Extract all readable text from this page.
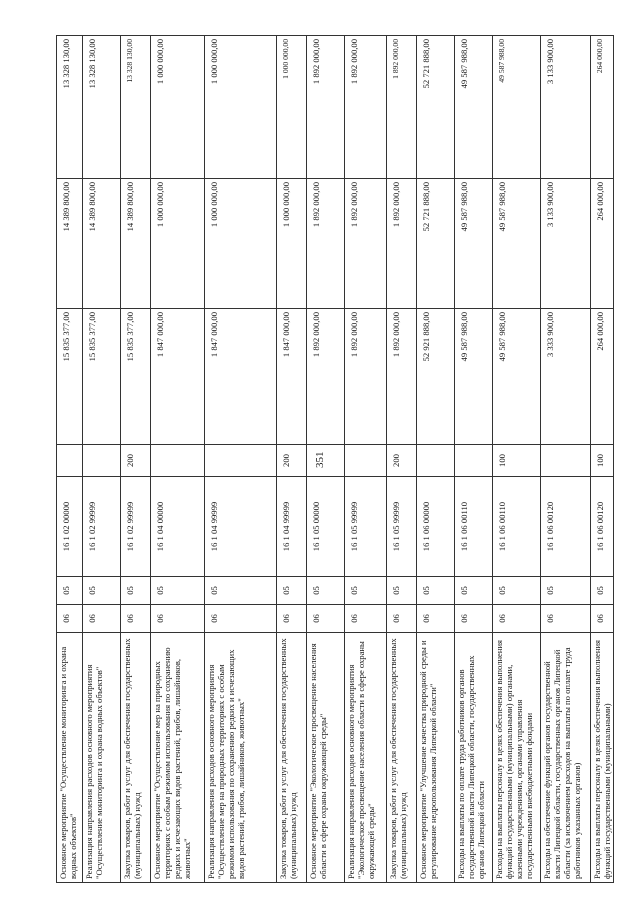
351
Основное мероприятие "Осуществление мониторинга и охрана водных объектов"	06	05	16 1 02 00000		15 835 377,00	14 389 800,00	13 328 130,00
Реализация направления расходов основного мероприятия "Осуществление мониторинга и охрана водных объектов"	06	05	16 1 02 99999		15 835 377,00	14 389 800,00	13 328 130,00
Закупка товаров, работ и услуг для обеспечения государственных (муниципальных) нужд	06	05	16 1 02 99999	200	15 835 377,00	14 389 800,00	13 328 130,00
Основное мероприятие "Осуществление мер на природных территориях с особым режимом использования по сохранению редких и исчезающих видов растений, грибов, лишайников, животных"	06	05	16 1 04 00000		1 847 000,00	1 000 000,00	1 000 000,00
Реализация направления расходов основного мероприятия "Осуществление мер на природных территориях с особым режимом использования по сохранению редких и исчезающих видов растений, грибов, лишайников, животных"	06	05	16 1 04 99999		1 847 000,00	1 000 000,00	1 000 000,00
Закупка товаров, работ и услуг для обеспечения государственных (муниципальных) нужд	06	05	16 1 04 99999	200	1 847 000,00	1 000 000,00	1 000 000,00
Основное мероприятие "Экологическое просвещение населения области в сфере охраны окружающей среды"	06	05	16 1 05 00000		1 892 000,00	1 892 000,00	1 892 000,00
Реализация направления расходов основного мероприятия "Экологическое просвещение населения области в сфере охраны окружающей среды"	06	05	16 1 05 99999		1 892 000,00	1 892 000,00	1 892 000,00
Закупка товаров, работ и услуг для обеспечения государственных (муниципальных) нужд	06	05	16 1 05 99999	200	1 892 000,00	1 892 000,00	1 892 000,00
Основное мероприятие "Улучшение качества природной среды и регулирование недропользования Липецкой области"	06	05	16 1 06 00000		52 921 888,00	52 721 888,00	52 721 888,00
Расходы на выплаты по оплате труда работников органов государственной власти Липецкой области, государственных органов Липецкой области	06	05	16 1 06 00110		49 587 988,00	49 587 988,00	49 587 988,00
Расходы на выплаты персоналу в целях обеспечения выполнения функций государственными (муниципальными) органами, казенными учреждениями, органами управления государственными внебюджетными фондами	06	05	16 1 06 00110	100	49 587 988,00	49 587 988,00	49 587 988,00
Расходы на обеспечение функций органов государственной власти Липецкой области, государственных органов Липецкой области (за исключением расходов на выплаты по оплате труда работников указанных органов)	06	05	16 1 06 00120		3 333 900,00	3 133 900,00	3 133 900,00
Расходы на выплаты персоналу в целях обеспечения выполнения функций государственными (муниципальными)	06	05	16 1 06 00120	100	264 000,00	264 000,00	264 000,00
